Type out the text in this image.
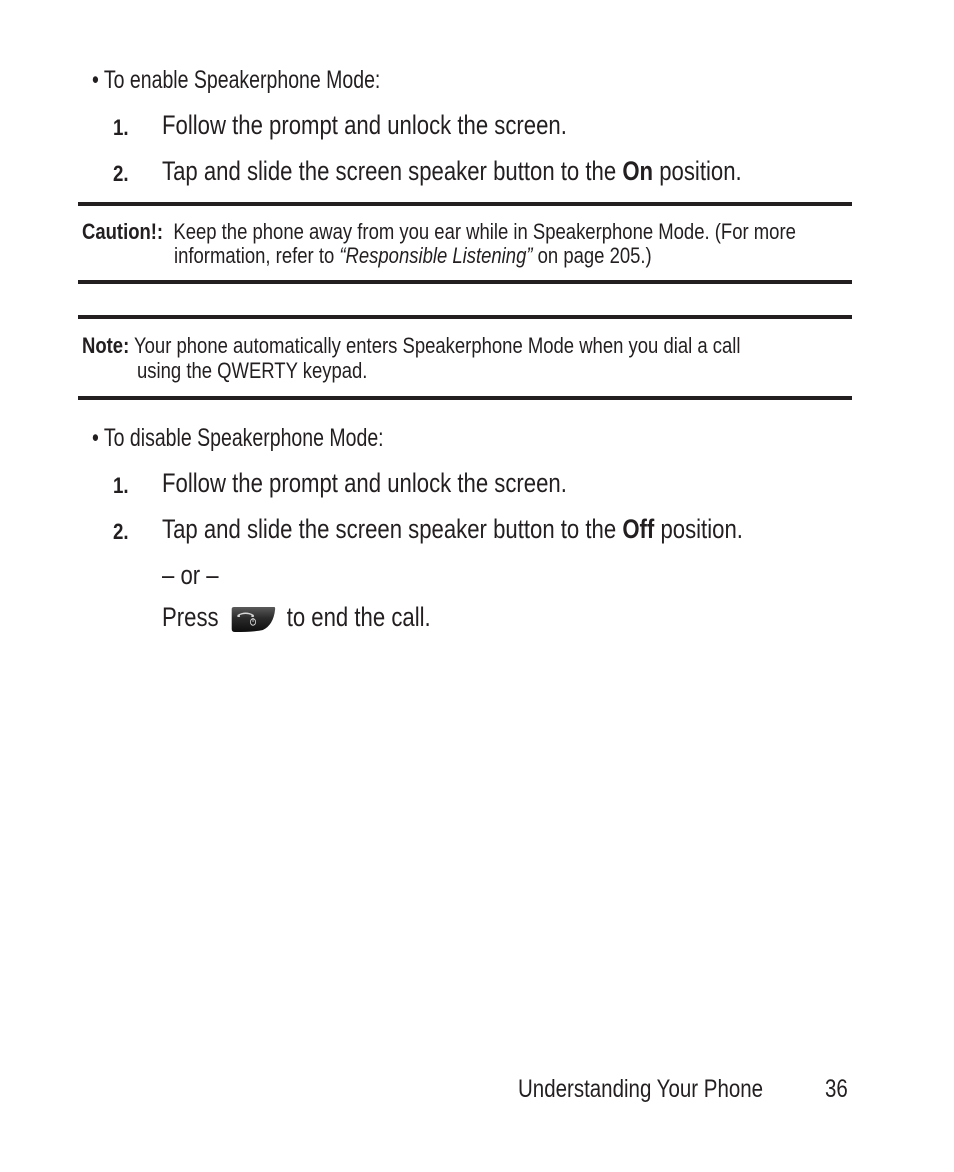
• To enable Speakerphone Mode:
1. Follow the prompt and unlock the screen.
2. Tap and slide the screen speaker button to the On position.
Caution!: Keep the phone away from you ear while in Speakerphone Mode. (For more
information, refer to “Responsible Listening” on page 205.)
Note: Your phone automatically enters Speakerphone Mode when you dial a call
using the QWERTY keypad.
• To disable Speakerphone Mode:
1. Follow the prompt and unlock the screen.
2. Tap and slide the screen speaker button to the Off position.
– or –
Press	to end the call.
Understanding Your Phone	36
